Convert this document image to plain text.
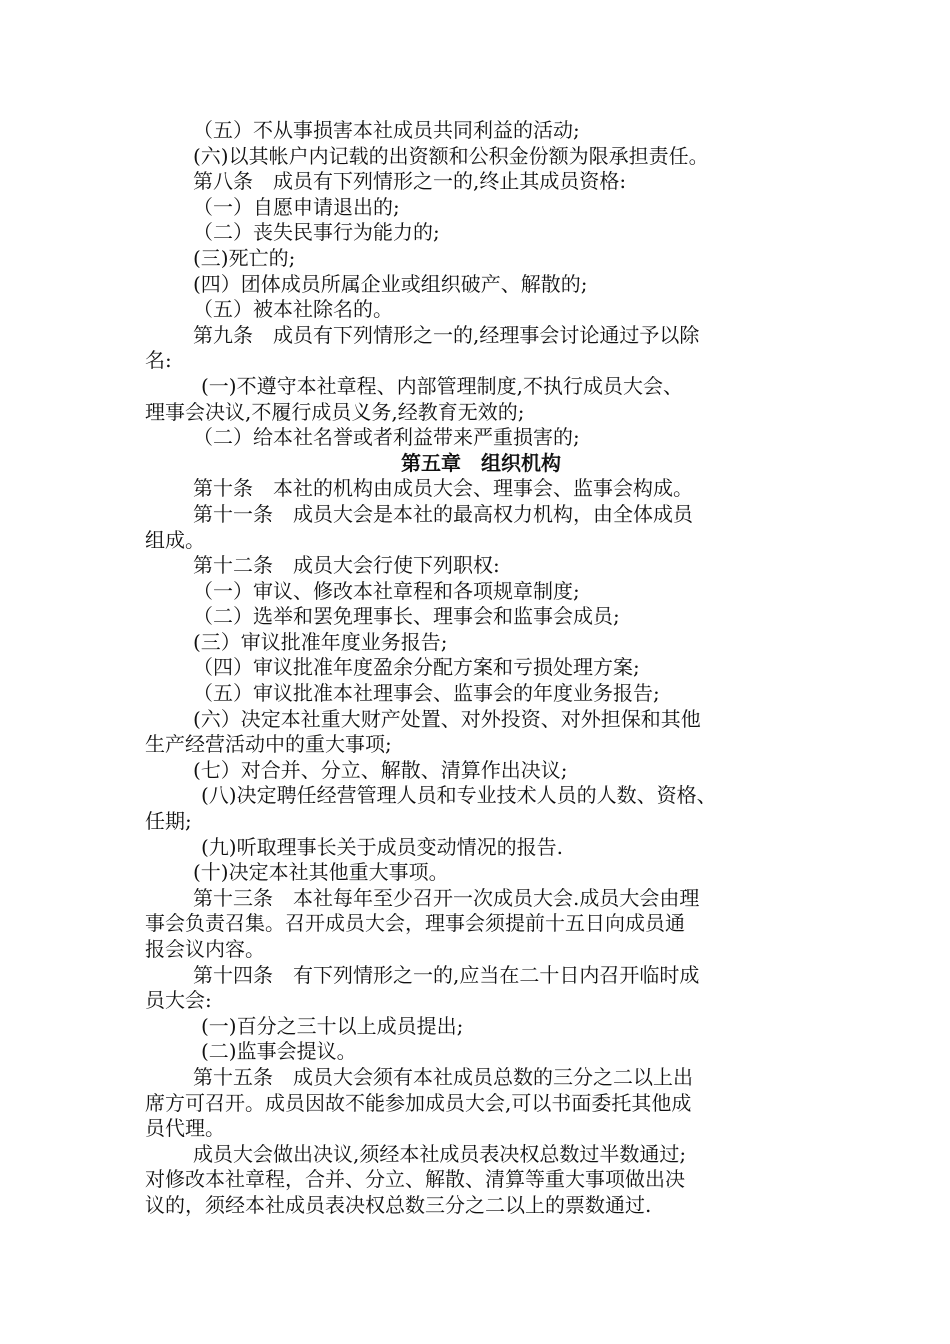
（五）不从事损害本社成员共同利益的活动;
(六)以其帐户内记载的出资额和公积金份额为限承担责任。
第八条　成员有下列情形之一的,终止其成员资格:
（一）自愿申请退出的;
（二）丧失民事行为能力的;
(三)死亡的;
(四）团体成员所属企业或组织破产、解散的;
（五）被本社除名的。
第九条　成员有下列情形之一的,经理事会讨论通过予以除
名:
(一)不遵守本社章程、内部管理制度,不执行成员大会、
理事会决议,不履行成员义务,经教育无效的;
（二）给本社名誉或者利益带来严重损害的;
第五章　组织机构
第十条　本社的机构由成员大会、理事会、监事会构成。
第十一条　成员大会是本社的最高权力机构，由全体成员
组成。
第十二条　成员大会行使下列职权:
（一）审议、修改本社章程和各项规章制度;
（二）选举和罢免理事长、理事会和监事会成员;
(三）审议批准年度业务报告;
（四）审议批准年度盈余分配方案和亏损处理方案;
（五）审议批准本社理事会、监事会的年度业务报告;
(六）决定本社重大财产处置、对外投资、对外担保和其他
生产经营活动中的重大事项;
(七）对合并、分立、解散、清算作出决议;
(八)决定聘任经营管理人员和专业技术人员的人数、资格、
任期;
(九)听取理事长关于成员变动情况的报告.
(十)决定本社其他重大事项。
第十三条　本社每年至少召开一次成员大会.成员大会由理
事会负责召集。召开成员大会，理事会须提前十五日向成员通
报会议内容。
第十四条　有下列情形之一的,应当在二十日内召开临时成
员大会:
(一)百分之三十以上成员提出;
(二)监事会提议。
第十五条　成员大会须有本社成员总数的三分之二以上出
席方可召开。成员因故不能参加成员大会,可以书面委托其他成
员代理。
成员大会做出决议,须经本社成员表决权总数过半数通过;
对修改本社章程，合并、分立、解散、清算等重大事项做出决
议的，须经本社成员表决权总数三分之二以上的票数通过.
